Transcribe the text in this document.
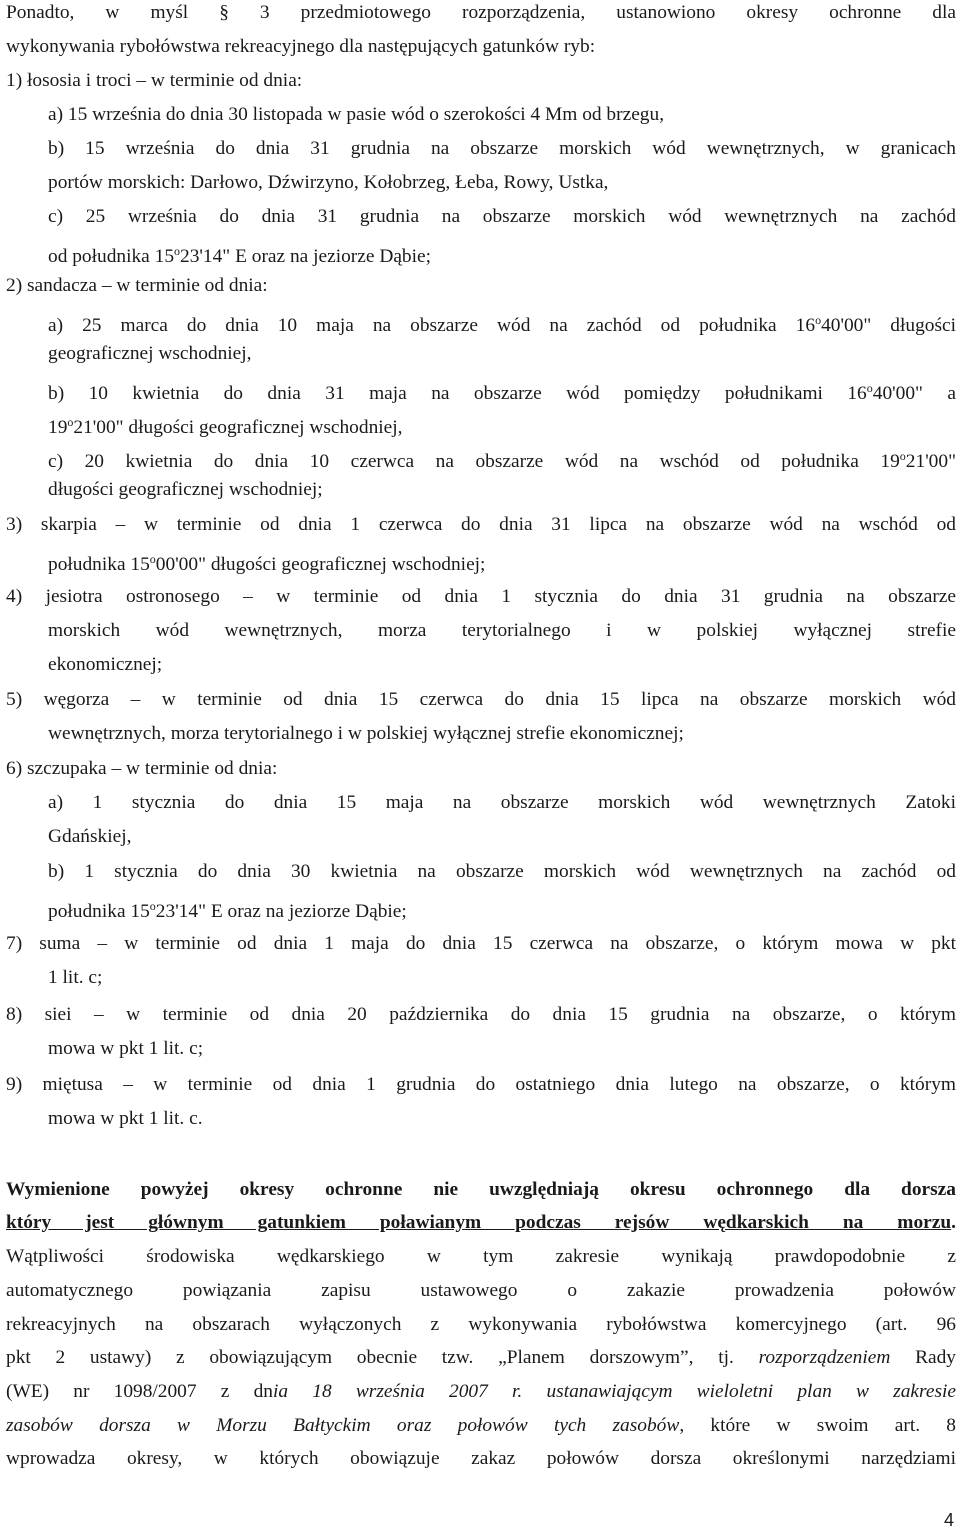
Ponadto, w myśl § 3 przedmiotowego rozporządzenia, ustanowiono okresy ochronne dla
wykonywania rybołówstwa rekreacyjnego dla następujących gatunków ryb:
1) łososia i troci – w terminie od dnia:
a) 15 września do dnia 30 listopada w pasie wód o szerokości 4 Mm od brzegu,
b) 15 września do dnia 31 grudnia na obszarze morskich wód wewnętrznych, w granicach
portów morskich: Darłowo, Dźwirzyno, Kołobrzeg, Łeba, Rowy, Ustka,
c) 25 września do dnia 31 grudnia na obszarze morskich wód wewnętrznych na zachód
od południka 15$^o$23'14" E oraz na jeziorze Dąbie;
2) sandacza – w terminie od dnia:
a) 25 marca do dnia 10 maja na obszarze wód na zachód od południka 16$^o$40'00" długości
geograficznej wschodniej,
b) 10 kwietnia do dnia 31 maja na obszarze wód pomiędzy południkami 16$^o$40'00" a
19$^o$21'00" długości geograficznej wschodniej,
c) 20 kwietnia do dnia 10 czerwca na obszarze wód na wschód od południka 19$^o$21'00"
długości geograficznej wschodniej;
3) skarpia – w terminie od dnia 1 czerwca do dnia 31 lipca na obszarze wód na wschód od
południka 15$^o$00'00" długości geograficznej wschodniej;
4) jesiotra ostronosego – w terminie od dnia 1 stycznia do dnia 31 grudnia na obszarze
morskich wód wewnętrznych, morza terytorialnego i w polskiej wyłącznej strefie
ekonomicznej;
5) węgorza – w terminie od dnia 15 czerwca do dnia 15 lipca na obszarze morskich wód
wewnętrznych, morza terytorialnego i w polskiej wyłącznej strefie ekonomicznej;
6) szczupaka – w terminie od dnia:
a) 1 stycznia do dnia 15 maja na obszarze morskich wód wewnętrznych Zatoki
Gdańskiej,
b) 1 stycznia do dnia 30 kwietnia na obszarze morskich wód wewnętrznych na zachód od
południka 15$^o$23'14" E oraz na jeziorze Dąbie;
7) suma – w terminie od dnia 1 maja do dnia 15 czerwca na obszarze, o którym mowa w pkt
1 lit. c;
8) siei – w terminie od dnia 20 października do dnia 15 grudnia na obszarze, o którym
mowa w pkt 1 lit. c;
9) miętusa – w terminie od dnia 1 grudnia do ostatniego dnia lutego na obszarze, o którym
mowa w pkt 1 lit. c.
Wymienione powyżej okresy ochronne nie uwzględniają okresu ochronnego dla dorsza
który jest głównym gatunkiem poławianym podczas rejsów wędkarskich na morzu.
Wątpliwości środowiska wędkarskiego w tym zakresie wynikają prawdopodobnie z
automatycznego powiązania zapisu ustawowego o zakazie prowadzenia połowów
rekreacyjnych na obszarach wyłączonych z wykonywania rybołówstwa komercyjnego (art. 96
pkt 2 ustawy) z obowiązującym obecnie tzw. „Planem dorszowym”, tj. rozporządzeniem Rady
(WE) nr 1098/2007 z dnia 18 września 2007 r. ustanawiającym wieloletni plan w zakresie
zasobów dorsza w Morzu Bałtyckim oraz połowów tych zasobów, które w swoim art. 8
wprowadza okresy, w których obowiązuje zakaz połowów dorsza określonymi narzędziami
4
